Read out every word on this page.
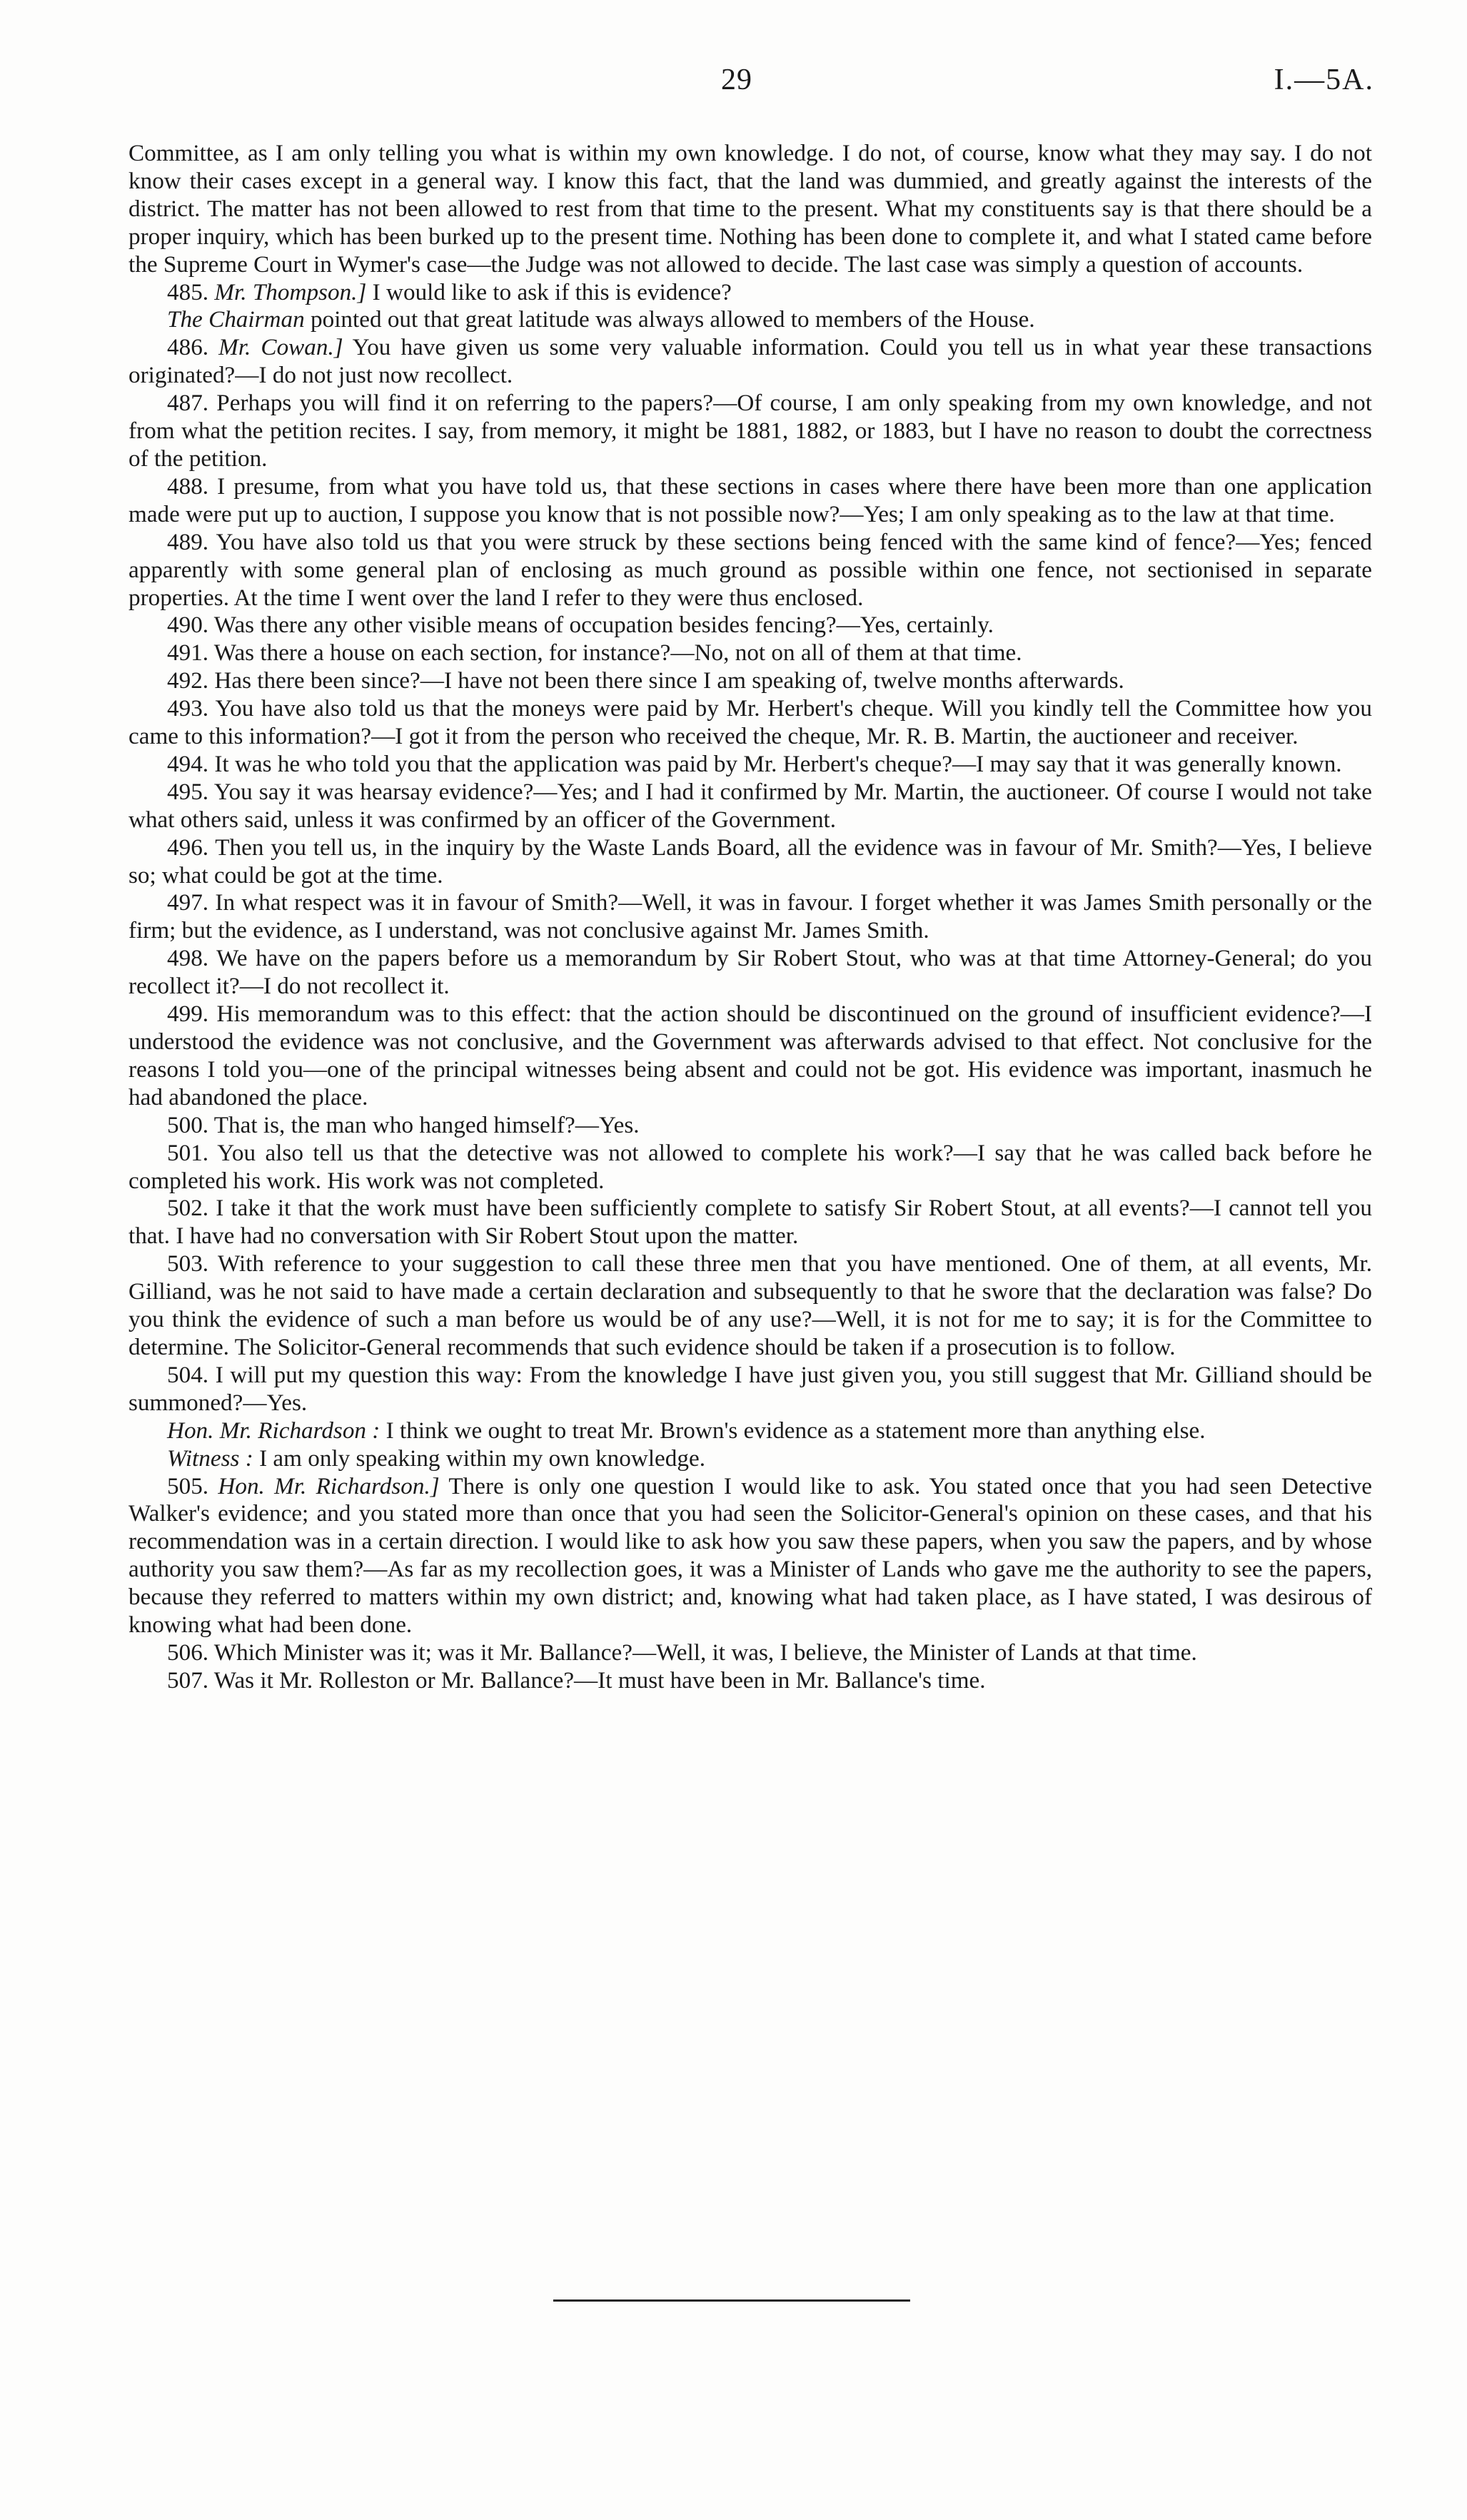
29	I.—5A.

Committee, as I am only telling you what is within my own knowledge. I do not, of course, know what they may say. I do not know their cases except in a general way. I know this fact, that the land was dummied, and greatly against the interests of the district. The matter has not been allowed to rest from that time to the present. What my constituents say is that there should be a proper inquiry, which has been burked up to the present time. Nothing has been done to complete it, and what I stated came before the Supreme Court in Wymer's case—the Judge was not allowed to decide. The last case was simply a question of accounts.

485. Mr. Thompson.] I would like to ask if this is evidence?

The Chairman pointed out that great latitude was always allowed to members of the House.

486. Mr. Cowan.] You have given us some very valuable information. Could you tell us in what year these transactions originated?—I do not just now recollect.

487. Perhaps you will find it on referring to the papers?—Of course, I am only speaking from my own knowledge, and not from what the petition recites. I say, from memory, it might be 1881, 1882, or 1883, but I have no reason to doubt the correctness of the petition.

488. I presume, from what you have told us, that these sections in cases where there have been more than one application made were put up to auction, I suppose you know that is not possible now?—Yes; I am only speaking as to the law at that time.

489. You have also told us that you were struck by these sections being fenced with the same kind of fence?—Yes; fenced apparently with some general plan of enclosing as much ground as possible within one fence, not sectionised in separate properties. At the time I went over the land I refer to they were thus enclosed.

490. Was there any other visible means of occupation besides fencing?—Yes, certainly.

491. Was there a house on each section, for instance?—No, not on all of them at that time.

492. Has there been since?—I have not been there since I am speaking of, twelve months afterwards.

493. You have also told us that the moneys were paid by Mr. Herbert's cheque. Will you kindly tell the Committee how you came to this information?—I got it from the person who received the cheque, Mr. R. B. Martin, the auctioneer and receiver.

494. It was he who told you that the application was paid by Mr. Herbert's cheque?—I may say that it was generally known.

495. You say it was hearsay evidence?—Yes; and I had it confirmed by Mr. Martin, the auctioneer. Of course I would not take what others said, unless it was confirmed by an officer of the Government.

496. Then you tell us, in the inquiry by the Waste Lands Board, all the evidence was in favour of Mr. Smith?—Yes, I believe so; what could be got at the time.

497. In what respect was it in favour of Smith?—Well, it was in favour. I forget whether it was James Smith personally or the firm; but the evidence, as I understand, was not conclusive against Mr. James Smith.

498. We have on the papers before us a memorandum by Sir Robert Stout, who was at that time Attorney-General; do you recollect it?—I do not recollect it.

499. His memorandum was to this effect: that the action should be discontinued on the ground of insufficient evidence?—I understood the evidence was not conclusive, and the Government was afterwards advised to that effect. Not conclusive for the reasons I told you—one of the principal witnesses being absent and could not be got. His evidence was important, inasmuch he had abandoned the place.

500. That is, the man who hanged himself?—Yes.

501. You also tell us that the detective was not allowed to complete his work?—I say that he was called back before he completed his work. His work was not completed.

502. I take it that the work must have been sufficiently complete to satisfy Sir Robert Stout, at all events?—I cannot tell you that. I have had no conversation with Sir Robert Stout upon the matter.

503. With reference to your suggestion to call these three men that you have mentioned. One of them, at all events, Mr. Gilliand, was he not said to have made a certain declaration and subsequently to that he swore that the declaration was false? Do you think the evidence of such a man before us would be of any use?—Well, it is not for me to say; it is for the Committee to determine. The Solicitor-General recommends that such evidence should be taken if a prosecution is to follow.

504. I will put my question this way: From the knowledge I have just given you, you still suggest that Mr. Gilliand should be summoned?—Yes.

Hon. Mr. Richardson : I think we ought to treat Mr. Brown's evidence as a statement more than anything else.

Witness : I am only speaking within my own knowledge.

505. Hon. Mr. Richardson.] There is only one question I would like to ask. You stated once that you had seen Detective Walker's evidence; and you stated more than once that you had seen the Solicitor-General's opinion on these cases, and that his recommendation was in a certain direction. I would like to ask how you saw these papers, when you saw the papers, and by whose authority you saw them?—As far as my recollection goes, it was a Minister of Lands who gave me the authority to see the papers, because they referred to matters within my own district; and, knowing what had taken place, as I have stated, I was desirous of knowing what had been done.

506. Which Minister was it; was it Mr. Ballance?—Well, it was, I believe, the Minister of Lands at that time.

507. Was it Mr. Rolleston or Mr. Ballance?—It must have been in Mr. Ballance's time.
